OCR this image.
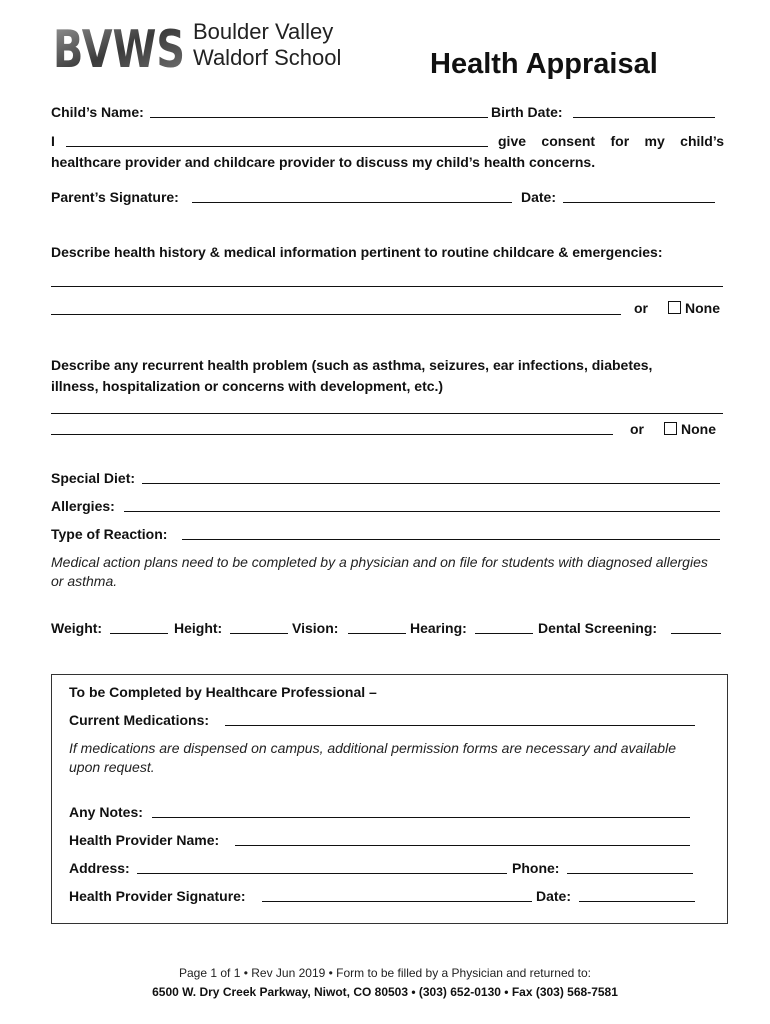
BVWS Boulder Valley
Waldorf School	Health Appraisal
Child’s Name:	Birth Date:
I	give consent for my child’s
healthcare provider and childcare provider to discuss my child’s health concerns.
Parent’s Signature:	Date:
Describe health history & medical information pertinent to routine childcare & emergencies:
or	None
Describe any recurrent health problem (such as asthma, seizures, ear infections, diabetes,
illness, hospitalization or concerns with development, etc.)
or	None
Special Diet:
Allergies:
Type of Reaction:
Medical action plans need to be completed by a physician and on file for students with diagnosed allergies or asthma.
Weight:	Height:	Vision:	Hearing:	Dental Screening:
To be Completed by Healthcare Professional –
Current Medications:
If medications are dispensed on campus, additional permission forms are necessary and available upon request.
Any Notes:
Health Provider Name:
Address:	Phone:
Health Provider Signature:	Date:
Page 1 of 1 • Rev Jun 2019 • Form to be filled by a Physician and returned to:
6500 W. Dry Creek Parkway, Niwot, CO 80503 • (303) 652-0130 • Fax (303) 568-7581
